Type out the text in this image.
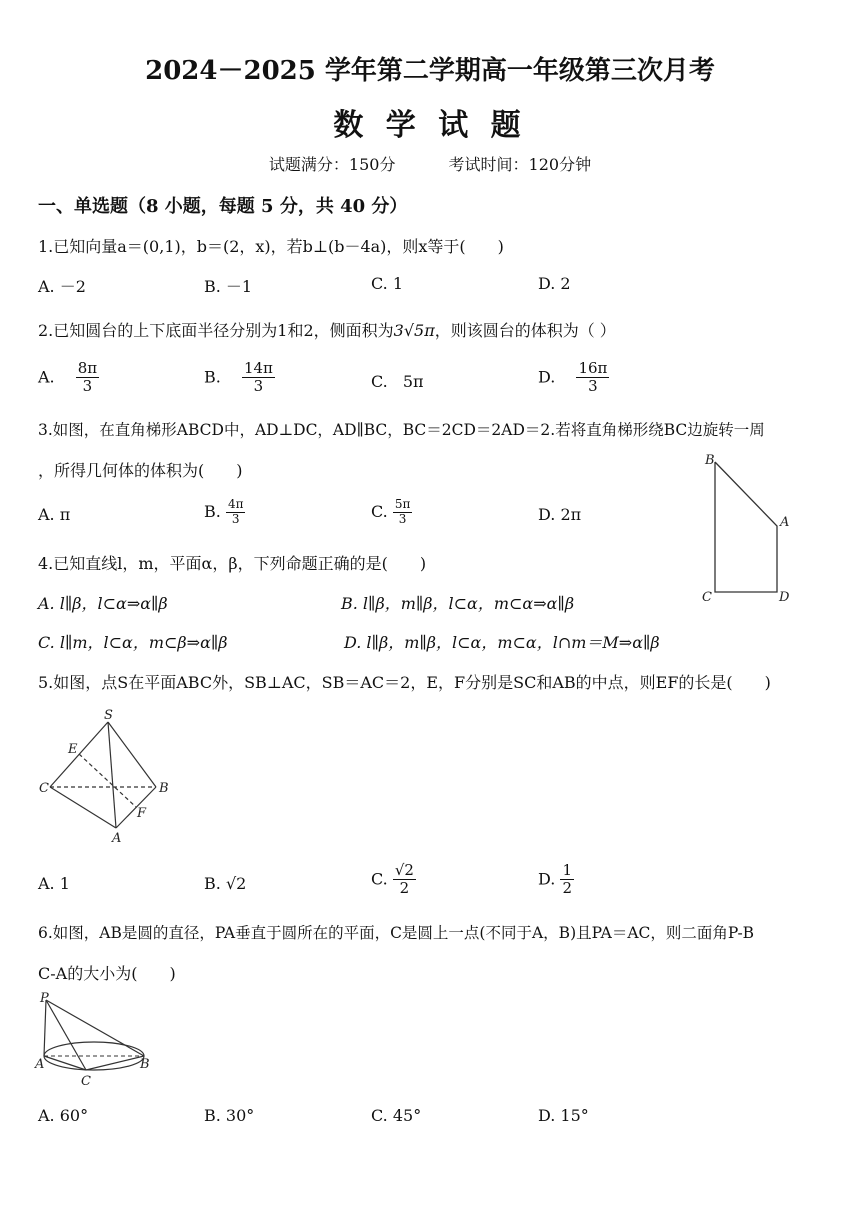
2024－2025 学年第二学期高一年级第三次月考
数 学 试 题
试题满分：150分	考试时间：120分钟
一、单选题（8 小题，每题 5 分，共 40 分）
1.已知向量a＝(0,1)，b＝(2，x)，若b⊥(b－4a)，则x等于(　　)
A. －2	B. －1	C. 1	D. 2
2.已知圆台的上下底面半径分别为1和2，侧面积为3√5π，则该圆台的体积为（ ）
A. $\frac{8\pi}{3}$	B. $\frac{14\pi}{3}$	C. 5π	D. $\frac{16\pi}{3}$
3.如图，在直角梯形ABCD中，AD⊥DC，AD∥BC，BC＝2CD＝2AD＝2.若将直角梯形绕BC边旋转一周
，所得几何体的体积为(　　)
A. π	B. $\frac{4\pi}{3}$	C. $\frac{5\pi}{3}$	D. 2π
B
A
C	D
4.已知直线l，m，平面α，β，下列命题正确的是(　　)
A. l∥β，l⊂α⇒α∥β	B. l∥β，m∥β，l⊂α，m⊂α⇒α∥β
C. l∥m，l⊂α，m⊂β⇒α∥β	D. l∥β，m∥β，l⊂α，m⊂α，l∩m＝M⇒α∥β
5.如图，点S在平面ABC外，SB⊥AC，SB＝AC＝2，E，F分别是SC和AB的中点，则EF的长是(　　)
S
E
C	B
F
A
A. 1	B. √2	C. $\frac{√2}{2}$	D. $\frac{1}{2}$
6.如图，AB是圆的直径，PA垂直于圆所在的平面，C是圆上一点(不同于A，B)且PA＝AC，则二面角P-B
C-A的大小为(　　)
P
A
C
B
A. 60°	B. 30°	C. 45°	D. 15°
